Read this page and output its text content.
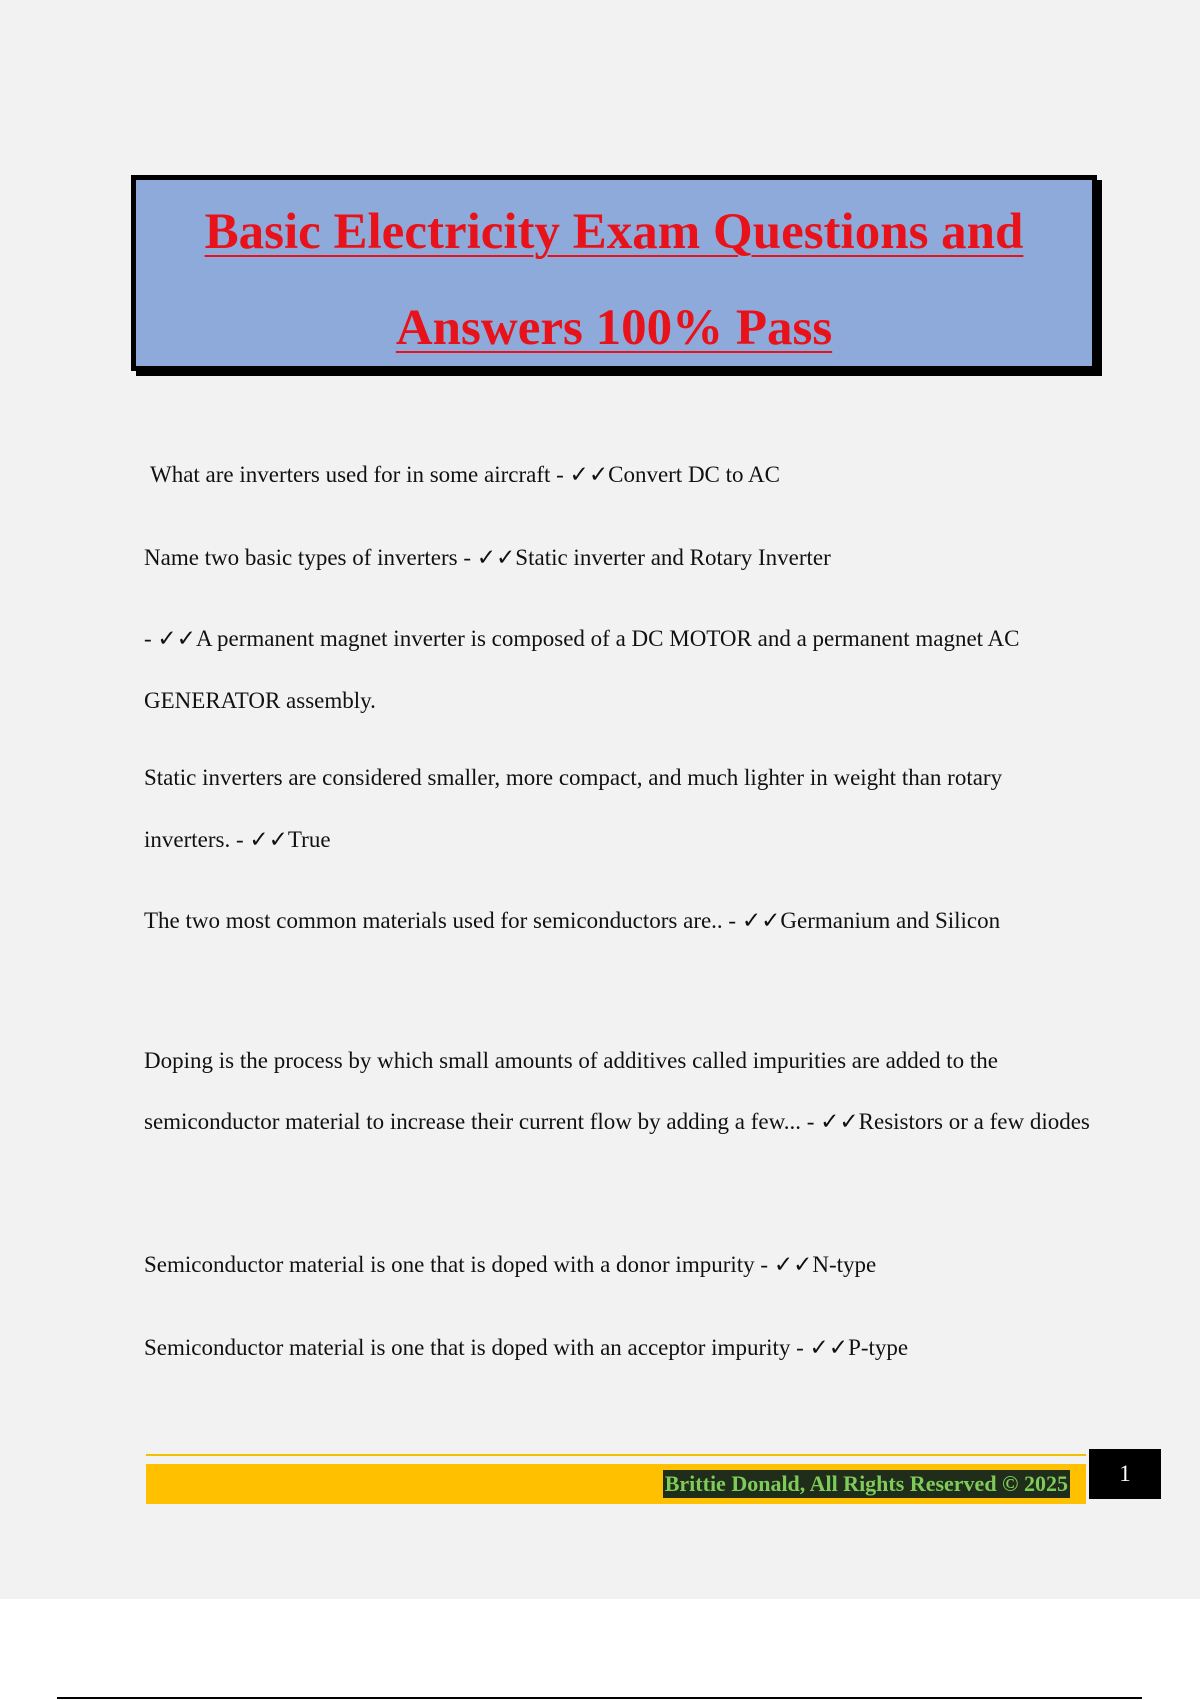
Basic Electricity Exam Questions and
Answers 100% Pass

What are inverters used for in some aircraft - ✓✓Convert DC to AC

Name two basic types of inverters - ✓✓Static inverter and Rotary Inverter

- ✓✓A permanent magnet inverter is composed of a DC MOTOR and a permanent magnet AC GENERATOR assembly.

Static inverters are considered smaller, more compact, and much lighter in weight than rotary inverters. - ✓✓True

The two most common materials used for semiconductors are.. - ✓✓Germanium and Silicon

Doping is the process by which small amounts of additives called impurities are added to the semiconductor material to increase their current flow by adding a few... - ✓✓Resistors or a few diodes

Semiconductor material is one that is doped with a donor impurity - ✓✓N-type

Semiconductor material is one that is doped with an acceptor impurity - ✓✓P-type

Brittie Donald, All Rights Reserved © 2025	1
